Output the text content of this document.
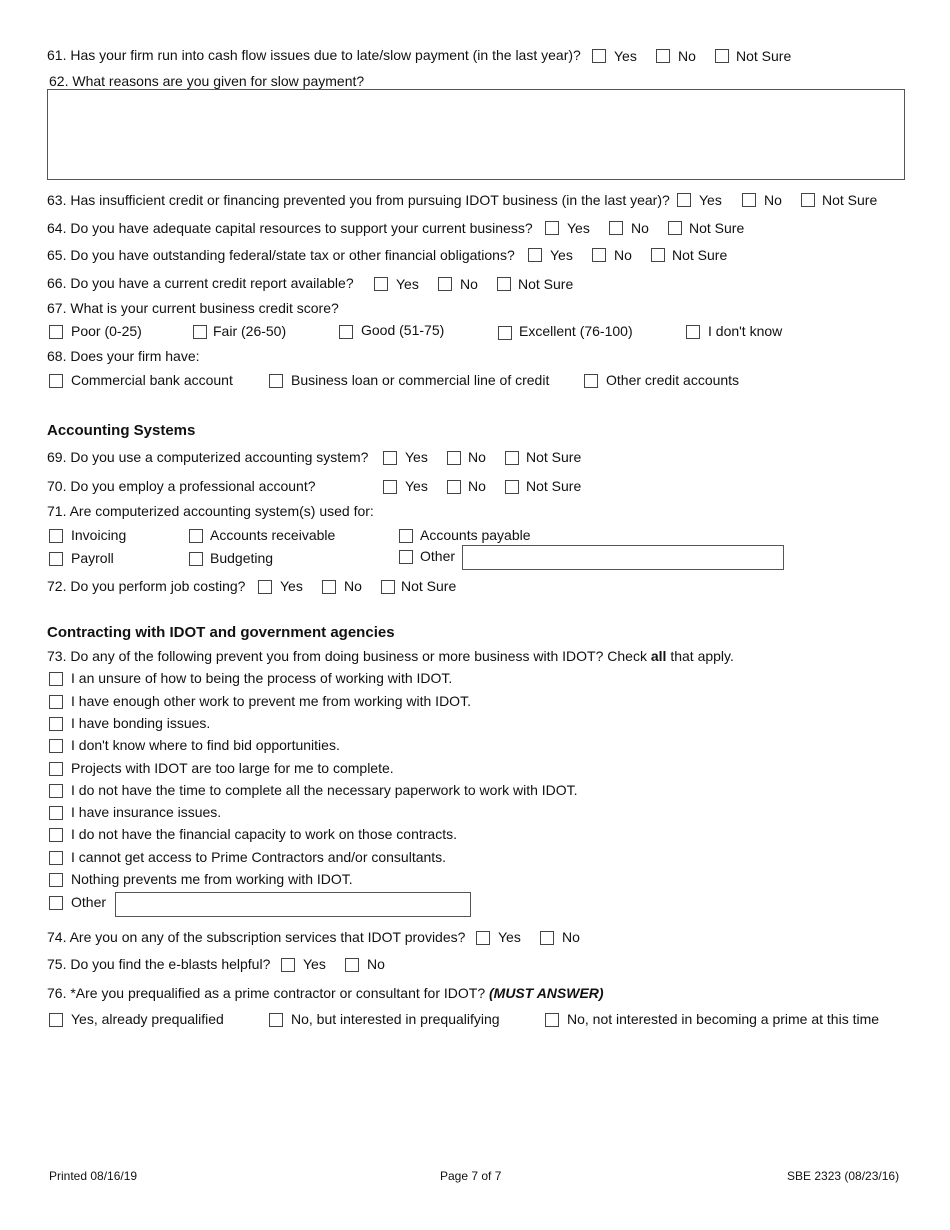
61. Has your firm run into cash flow issues due to late/slow payment (in the last year)? Yes	No	Not Sure
62. What reasons are you given for slow payment?
63. Has insufficient credit or financing prevented you from pursuing IDOT business (in the last year)? Yes	No	Not Sure
64. Do you have adequate capital resources to support your current business? Yes	No	Not Sure
65. Do you have outstanding federal/state tax or other financial obligations?	Yes	No	Not Sure
66. Do you have a current credit report available?	Yes	No	Not Sure
67. What is your current business credit score?
Poor (0-25)	Fair (26-50)	Good (51-75)	Excellent (76-100)	I don't know
68. Does your firm have:
Commercial bank account	Business loan or commercial line of credit	Other credit accounts
Accounting Systems
69. Do you use a computerized accounting system?	Yes	No	Not Sure
70. Do you employ a professional account?	Yes	No	Not Sure
71. Are computerized accounting system(s) used for:
Invoicing	Accounts receivable	Accounts payable
Payroll	Budgeting	Other
72. Do you perform job costing? Yes	No	Not Sure
Contracting with IDOT and government agencies
73. Do any of the following prevent you from doing business or more business with IDOT? Check all that apply.
I an unsure of how to being the process of working with IDOT.
I have enough other work to prevent me from working with IDOT.
I have bonding issues.
I don't know where to find bid opportunities.
Projects with IDOT are too large for me to complete.
I do not have the time to complete all the necessary paperwork to work with IDOT.
I have insurance issues.
I do not have the financial capacity to work on those contracts.
I cannot get access to Prime Contractors and/or consultants.
Nothing prevents me from working with IDOT.
Other
74. Are you on any of the subscription services that IDOT provides? Yes	No
75. Do you find the e-blasts helpful? Yes	No
76. *Are you prequalified as a prime contractor or consultant for IDOT? (MUST ANSWER)
Yes, already prequalified	No, but interested in prequalifying	No, not interested in becoming a prime at this time
Printed 08/16/19	Page 7 of 7	SBE 2323 (08/23/16)
